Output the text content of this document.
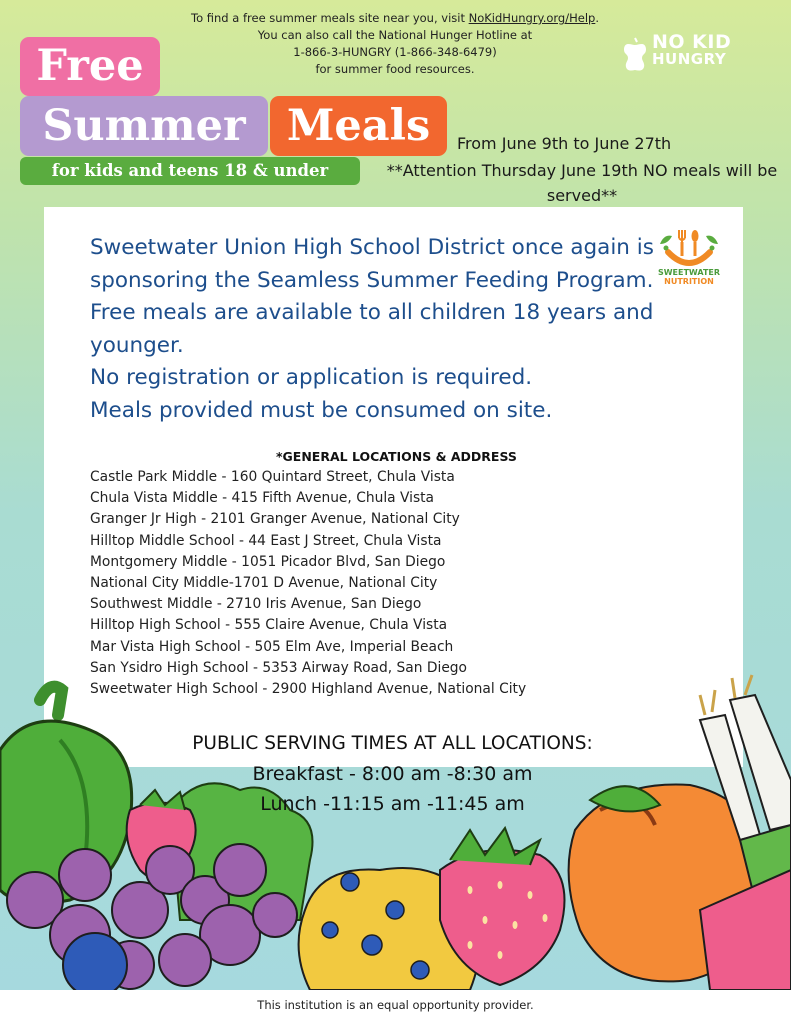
To find a free summer meals site near you, visit NoKidHungry.org/Help.
You can also call the National Hunger Hotline at
1-866-3-HUNGRY (1-866-348-6479)
for summer food resources.
NO KID
HUNGRY
Free
Summer Meals
for kids and teens 18 & under
From June 9th to June 27th
**Attention Thursday June 19th NO meals will be served**

Sweetwater Union High School District once again is sponsoring the Seamless Summer Feeding Program. Free meals are available to all children 18 years and younger.

No registration or application is required.

Meals provided must be consumed on site.

SWEETWATER
NUTRITION
*GENERAL LOCATIONS & ADDRESS
Castle Park Middle - 160 Quintard Street, Chula Vista
Chula Vista Middle - 415 Fifth Avenue, Chula Vista
Granger Jr High - 2101 Granger Avenue, National City
Hilltop Middle School - 44 East J Street, Chula Vista
Montgomery Middle - 1051 Picador Blvd, San Diego
National City Middle-1701 D Avenue, National City
Southwest Middle - 2710 Iris Avenue, San Diego
Hilltop High School - 555 Claire Avenue, Chula Vista
Mar Vista High School - 505 Elm Ave, Imperial Beach
San Ysidro High School - 5353 Airway Road, San Diego
Sweetwater High School - 2900 Highland Avenue, National City
PUBLIC SERVING TIMES AT ALL LOCATIONS:
Breakfast - 8:00 am -8:30 am
Lunch -11:15 am -11:45 am
This institution is an equal opportunity provider.
